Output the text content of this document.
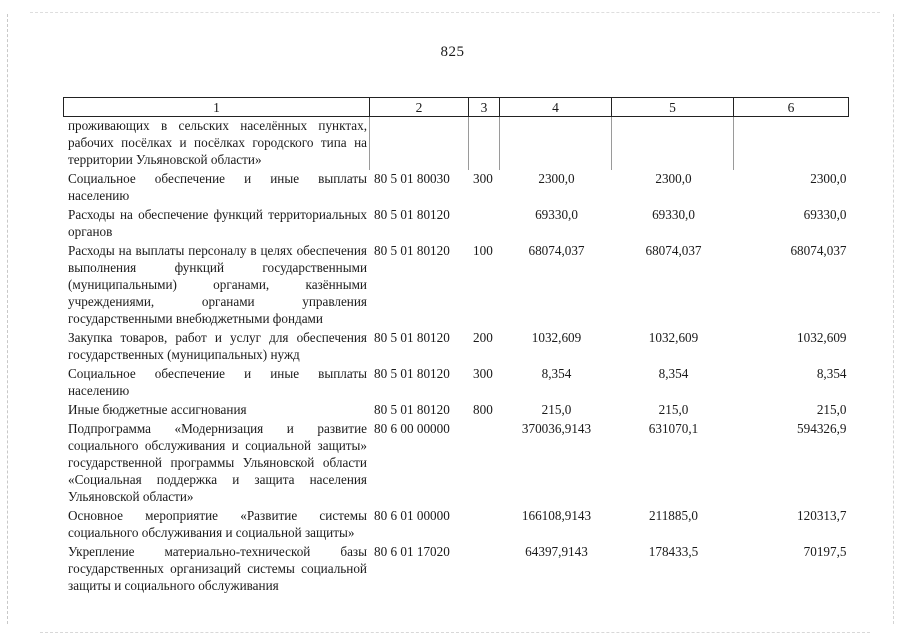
825
1	2	3	4	5	6
проживающих в сельских населённых пунктах, рабочих посёлках и посёлках городского типа на территории Ульяновской области»					
Социальное обеспечение и иные выплаты населению	80 5 01 80030	300	2300,0	2300,0	2300,0
Расходы на обеспечение функций территориальных органов	80 5 01 80120		69330,0	69330,0	69330,0
Расходы на выплаты персоналу в целях обеспечения выполнения функций государственными (муниципальными) органами, казёнными учреждениями, органами управления государственными внебюджетными фондами	80 5 01 80120	100	68074,037	68074,037	68074,037
Закупка товаров, работ и услуг для обеспечения государственных (муниципальных) нужд	80 5 01 80120	200	1032,609	1032,609	1032,609
Социальное обеспечение и иные выплаты населению	80 5 01 80120	300	8,354	8,354	8,354
Иные бюджетные ассигнования	80 5 01 80120	800	215,0	215,0	215,0
Подпрограмма «Модернизация и развитие социального обслуживания и социальной защиты» государственной программы Ульяновской области «Социальная поддержка и защита населения Ульяновской области»	80 6 00 00000		370036,9143	631070,1	594326,9
Основное мероприятие «Развитие системы социального обслуживания и социальной защиты»	80 6 01 00000		166108,9143	211885,0	120313,7
Укрепление материально-технической базы государственных организаций системы социальной защиты и социального обслуживания	80 6 01 17020		64397,9143	178433,5	70197,5
